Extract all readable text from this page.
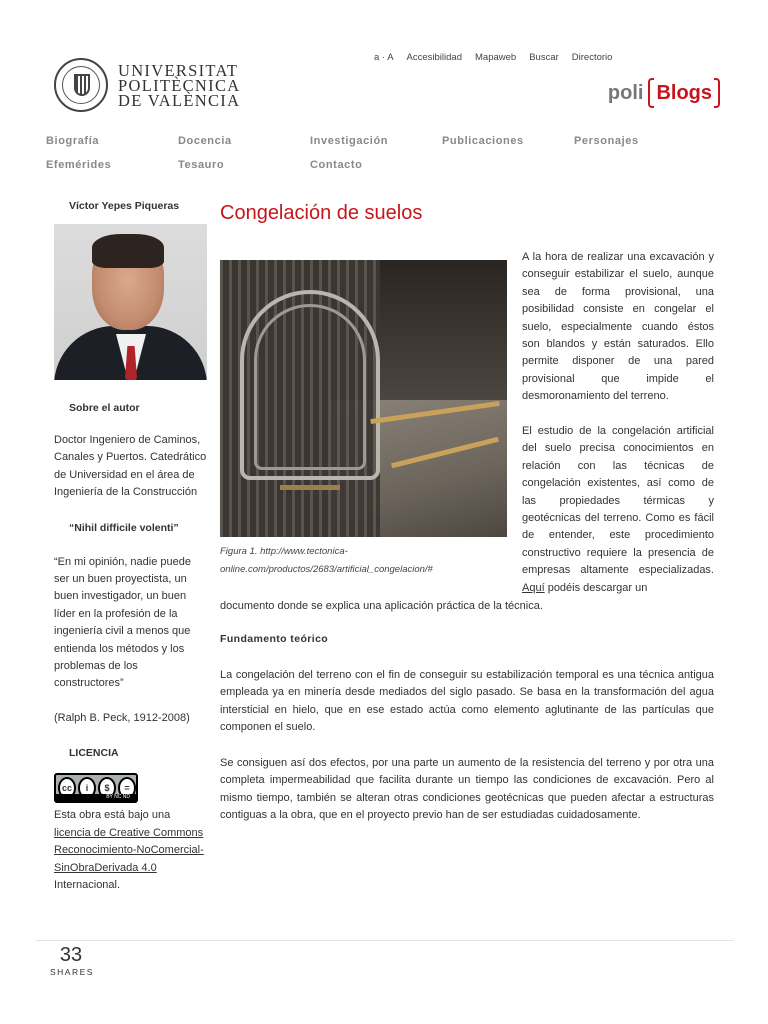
UNIVERSITAT
POLITÈCNICA
DE VALÈNCIA
a · A Accesibilidad Mapaweb Buscar Directorio
poli Blogs
Biografía	Docencia	Investigación	Publicaciones	Personajes
Efemérides	Tesauro	Contacto
Víctor Yepes Piqueras
Sobre el autor

Doctor Ingeniero de Caminos, Canales y Puertos. Catedrático de Universidad en el área de Ingeniería de la Construcción

“Nihil difficile volenti”

“En mi opinión, nadie puede ser un buen proyectista, un buen investigador, un buen líder en la profesión de la ingeniería civil a menos que entienda los métodos y los problemas de los constructores”

(Ralph B. Peck, 1912-2008)

LICENCIA
cc	i	$	=
BY NC ND

Esta obra está bajo una licencia de Creative Commons Reconocimiento-NoComercial-SinObraDerivada 4.0 Internacional.

Congelación de suelos
Figura 1. http://www.tectonica-online.com/productos/2683/artificial_congelacion/#

A la hora de realizar una excavación y conseguir estabilizar el suelo, aunque sea de forma provisional, una posibilidad consiste en congelar el suelo, especialmente cuando éstos son blandos y están saturados. Ello permite disponer de una pared provisional que impide el desmoronamiento del terreno.

El estudio de la congelación artificial del suelo precisa conocimientos en relación con las técnicas de congelación existentes, así como de las propiedades térmicas y geotécnicas del terreno. Como es fácil de entender, este procedimiento constructivo requiere la presencia de empresas altamente especializadas. Aquí podéis descargar un

documento donde se explica una aplicación práctica de la técnica.

Fundamento teórico

La congelación del terreno con el fin de conseguir su estabilización temporal es una técnica antigua empleada ya en minería desde mediados del siglo pasado. Se basa en la transformación del agua intersticial en hielo, que en ese estado actúa como elemento aglutinante de las partículas que componen el suelo.

Se consiguen así dos efectos, por una parte un aumento de la resistencia del terreno y por otra una completa impermeabilidad que facilita durante un tiempo las condiciones de excavación. Pero al mismo tiempo, también se alteran otras condiciones geotécnicas que pueden afectar a estructuras contiguas a la obra, que en el proyecto previo han de ser estudiadas cuidadosamente.

33
SHARES
